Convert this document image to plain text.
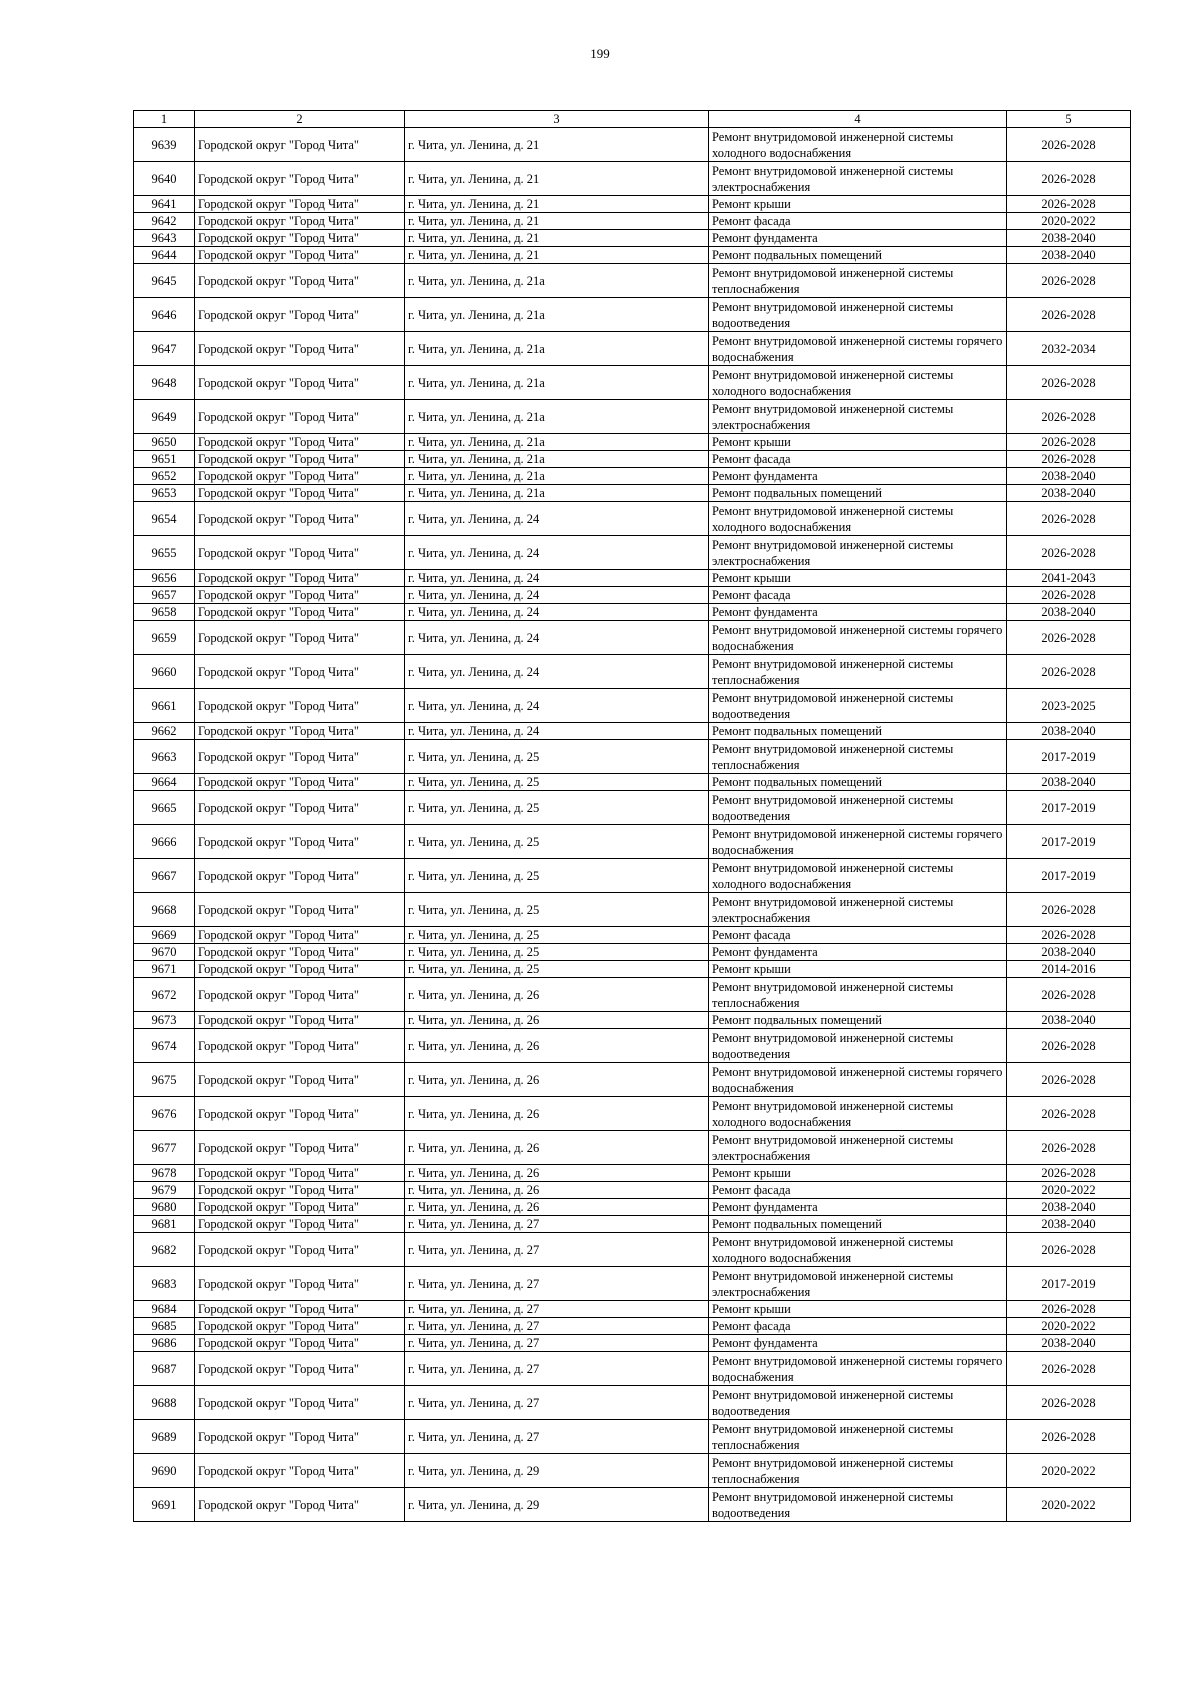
199
1	2	3	4	5
9639	Городской округ "Город Чита"	г. Чита, ул. Ленина, д. 21	Ремонт внутридомовой инженерной системы холодного водоснабжения	2026-2028
9640	Городской округ "Город Чита"	г. Чита, ул. Ленина, д. 21	Ремонт внутридомовой инженерной системы электроснабжения	2026-2028
9641	Городской округ "Город Чита"	г. Чита, ул. Ленина, д. 21	Ремонт крыши	2026-2028
9642	Городской округ "Город Чита"	г. Чита, ул. Ленина, д. 21	Ремонт фасада	2020-2022
9643	Городской округ "Город Чита"	г. Чита, ул. Ленина, д. 21	Ремонт фундамента	2038-2040
9644	Городской округ "Город Чита"	г. Чита, ул. Ленина, д. 21	Ремонт подвальных помещений	2038-2040
9645	Городской округ "Город Чита"	г. Чита, ул. Ленина, д. 21а	Ремонт внутридомовой инженерной системы теплоснабжения	2026-2028
9646	Городской округ "Город Чита"	г. Чита, ул. Ленина, д. 21а	Ремонт внутридомовой инженерной системы водоотведения	2026-2028
9647	Городской округ "Город Чита"	г. Чита, ул. Ленина, д. 21а	Ремонт внутридомовой инженерной системы горячего водоснабжения	2032-2034
9648	Городской округ "Город Чита"	г. Чита, ул. Ленина, д. 21а	Ремонт внутридомовой инженерной системы холодного водоснабжения	2026-2028
9649	Городской округ "Город Чита"	г. Чита, ул. Ленина, д. 21а	Ремонт внутридомовой инженерной системы электроснабжения	2026-2028
9650	Городской округ "Город Чита"	г. Чита, ул. Ленина, д. 21а	Ремонт крыши	2026-2028
9651	Городской округ "Город Чита"	г. Чита, ул. Ленина, д. 21а	Ремонт фасада	2026-2028
9652	Городской округ "Город Чита"	г. Чита, ул. Ленина, д. 21а	Ремонт фундамента	2038-2040
9653	Городской округ "Город Чита"	г. Чита, ул. Ленина, д. 21а	Ремонт подвальных помещений	2038-2040
9654	Городской округ "Город Чита"	г. Чита, ул. Ленина, д. 24	Ремонт внутридомовой инженерной системы холодного водоснабжения	2026-2028
9655	Городской округ "Город Чита"	г. Чита, ул. Ленина, д. 24	Ремонт внутридомовой инженерной системы электроснабжения	2026-2028
9656	Городской округ "Город Чита"	г. Чита, ул. Ленина, д. 24	Ремонт крыши	2041-2043
9657	Городской округ "Город Чита"	г. Чита, ул. Ленина, д. 24	Ремонт фасада	2026-2028
9658	Городской округ "Город Чита"	г. Чита, ул. Ленина, д. 24	Ремонт фундамента	2038-2040
9659	Городской округ "Город Чита"	г. Чита, ул. Ленина, д. 24	Ремонт внутридомовой инженерной системы горячего водоснабжения	2026-2028
9660	Городской округ "Город Чита"	г. Чита, ул. Ленина, д. 24	Ремонт внутридомовой инженерной системы теплоснабжения	2026-2028
9661	Городской округ "Город Чита"	г. Чита, ул. Ленина, д. 24	Ремонт внутридомовой инженерной системы водоотведения	2023-2025
9662	Городской округ "Город Чита"	г. Чита, ул. Ленина, д. 24	Ремонт подвальных помещений	2038-2040
9663	Городской округ "Город Чита"	г. Чита, ул. Ленина, д. 25	Ремонт внутридомовой инженерной системы теплоснабжения	2017-2019
9664	Городской округ "Город Чита"	г. Чита, ул. Ленина, д. 25	Ремонт подвальных помещений	2038-2040
9665	Городской округ "Город Чита"	г. Чита, ул. Ленина, д. 25	Ремонт внутридомовой инженерной системы водоотведения	2017-2019
9666	Городской округ "Город Чита"	г. Чита, ул. Ленина, д. 25	Ремонт внутридомовой инженерной системы горячего водоснабжения	2017-2019
9667	Городской округ "Город Чита"	г. Чита, ул. Ленина, д. 25	Ремонт внутридомовой инженерной системы холодного водоснабжения	2017-2019
9668	Городской округ "Город Чита"	г. Чита, ул. Ленина, д. 25	Ремонт внутридомовой инженерной системы электроснабжения	2026-2028
9669	Городской округ "Город Чита"	г. Чита, ул. Ленина, д. 25	Ремонт фасада	2026-2028
9670	Городской округ "Город Чита"	г. Чита, ул. Ленина, д. 25	Ремонт фундамента	2038-2040
9671	Городской округ "Город Чита"	г. Чита, ул. Ленина, д. 25	Ремонт крыши	2014-2016
9672	Городской округ "Город Чита"	г. Чита, ул. Ленина, д. 26	Ремонт внутридомовой инженерной системы теплоснабжения	2026-2028
9673	Городской округ "Город Чита"	г. Чита, ул. Ленина, д. 26	Ремонт подвальных помещений	2038-2040
9674	Городской округ "Город Чита"	г. Чита, ул. Ленина, д. 26	Ремонт внутридомовой инженерной системы водоотведения	2026-2028
9675	Городской округ "Город Чита"	г. Чита, ул. Ленина, д. 26	Ремонт внутридомовой инженерной системы горячего водоснабжения	2026-2028
9676	Городской округ "Город Чита"	г. Чита, ул. Ленина, д. 26	Ремонт внутридомовой инженерной системы холодного водоснабжения	2026-2028
9677	Городской округ "Город Чита"	г. Чита, ул. Ленина, д. 26	Ремонт внутридомовой инженерной системы электроснабжения	2026-2028
9678	Городской округ "Город Чита"	г. Чита, ул. Ленина, д. 26	Ремонт крыши	2026-2028
9679	Городской округ "Город Чита"	г. Чита, ул. Ленина, д. 26	Ремонт фасада	2020-2022
9680	Городской округ "Город Чита"	г. Чита, ул. Ленина, д. 26	Ремонт фундамента	2038-2040
9681	Городской округ "Город Чита"	г. Чита, ул. Ленина, д. 27	Ремонт подвальных помещений	2038-2040
9682	Городской округ "Город Чита"	г. Чита, ул. Ленина, д. 27	Ремонт внутридомовой инженерной системы холодного водоснабжения	2026-2028
9683	Городской округ "Город Чита"	г. Чита, ул. Ленина, д. 27	Ремонт внутридомовой инженерной системы электроснабжения	2017-2019
9684	Городской округ "Город Чита"	г. Чита, ул. Ленина, д. 27	Ремонт крыши	2026-2028
9685	Городской округ "Город Чита"	г. Чита, ул. Ленина, д. 27	Ремонт фасада	2020-2022
9686	Городской округ "Город Чита"	г. Чита, ул. Ленина, д. 27	Ремонт фундамента	2038-2040
9687	Городской округ "Город Чита"	г. Чита, ул. Ленина, д. 27	Ремонт внутридомовой инженерной системы горячего водоснабжения	2026-2028
9688	Городской округ "Город Чита"	г. Чита, ул. Ленина, д. 27	Ремонт внутридомовой инженерной системы водоотведения	2026-2028
9689	Городской округ "Город Чита"	г. Чита, ул. Ленина, д. 27	Ремонт внутридомовой инженерной системы теплоснабжения	2026-2028
9690	Городской округ "Город Чита"	г. Чита, ул. Ленина, д. 29	Ремонт внутридомовой инженерной системы теплоснабжения	2020-2022
9691	Городской округ "Город Чита"	г. Чита, ул. Ленина, д. 29	Ремонт внутридомовой инженерной системы водоотведения	2020-2022
